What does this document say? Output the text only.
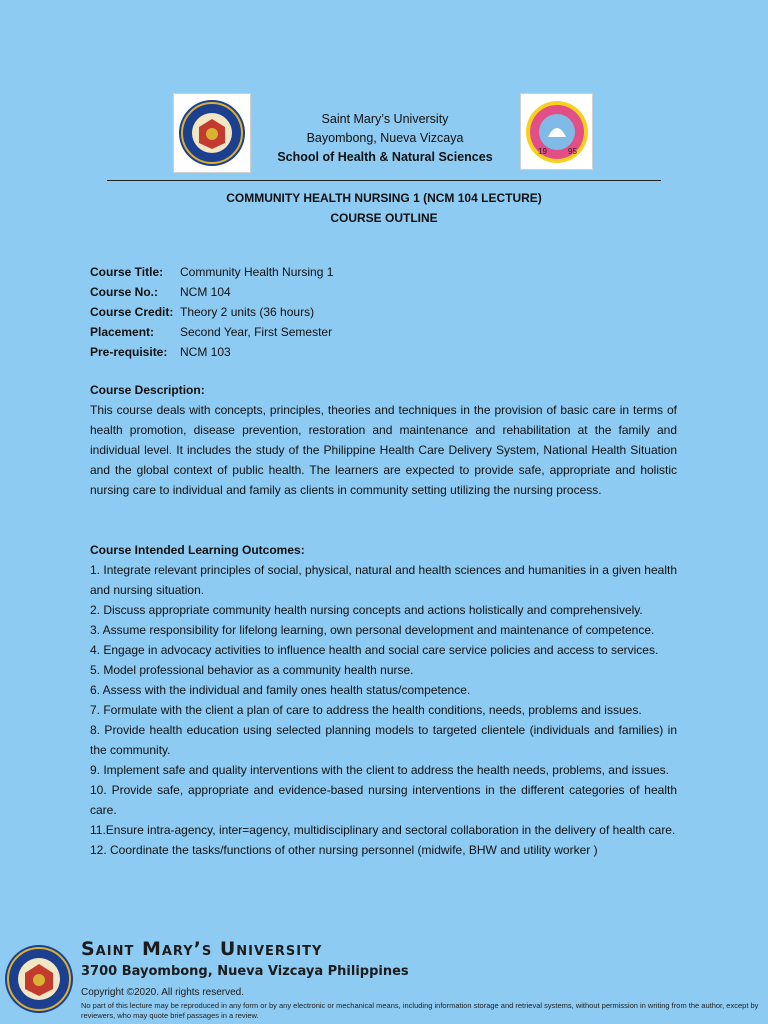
Saint Mary’s University
Bayombong, Nueva Vizcaya
School of Health & Natural Sciences	19	95
COMMUNITY HEALTH NURSING 1 (NCM 104 LECTURE)
COURSE OUTLINE
Course Title:	Community Health Nursing 1
Course No.:	NCM 104
Course Credit: Theory 2 units (36 hours)
Placement:	Second Year, First Semester
Pre-requisite:	NCM 103
Course Description:

This course deals with concepts, principles, theories and techniques in the provision of basic care in terms of health promotion, disease prevention, restoration and maintenance and rehabilitation at the family and individual level. It includes the study of the Philippine Health Care Delivery System, National Health Situation and the global context of public health. The learners are expected to provide safe, appropriate and holistic nursing care to individual and family as clients in community setting utilizing the nursing process.

Course Intended Learning Outcomes:
1. Integrate relevant principles of social, physical, natural and health sciences and humanities in a given health and nursing situation.
2. Discuss appropriate community health nursing concepts and actions holistically and comprehensively.
3. Assume responsibility for lifelong learning, own personal development and maintenance of competence.
4. Engage in advocacy activities to influence health and social care service policies and access to services.
5. Model professional behavior as a community health nurse.
6. Assess with the individual and family ones health status/competence.
7. Formulate with the client a plan of care to address the health conditions, needs, problems and issues.
8. Provide health education using selected planning models to targeted clientele (individuals and families) in the community.
9. Implement safe and quality interventions with the client to address the health needs, problems, and issues.
10. Provide safe, appropriate and evidence-based nursing interventions in the different categories of health care.
11.Ensure intra-agency, inter=agency, multidisciplinary and sectoral collaboration in the delivery of health care.
12. Coordinate the tasks/functions of other nursing personnel (midwife, BHW and utility worker )
Saint Mary’s University
3700 Bayombong, Nueva Vizcaya Philippines
Copyright ©2020. All rights reserved.
No part of this lecture may be reproduced in any form or by any electronic or mechanical means, including information storage and retrieval systems, without permission in writing from the author, except by reviewers, who may quote brief passages in a review.
